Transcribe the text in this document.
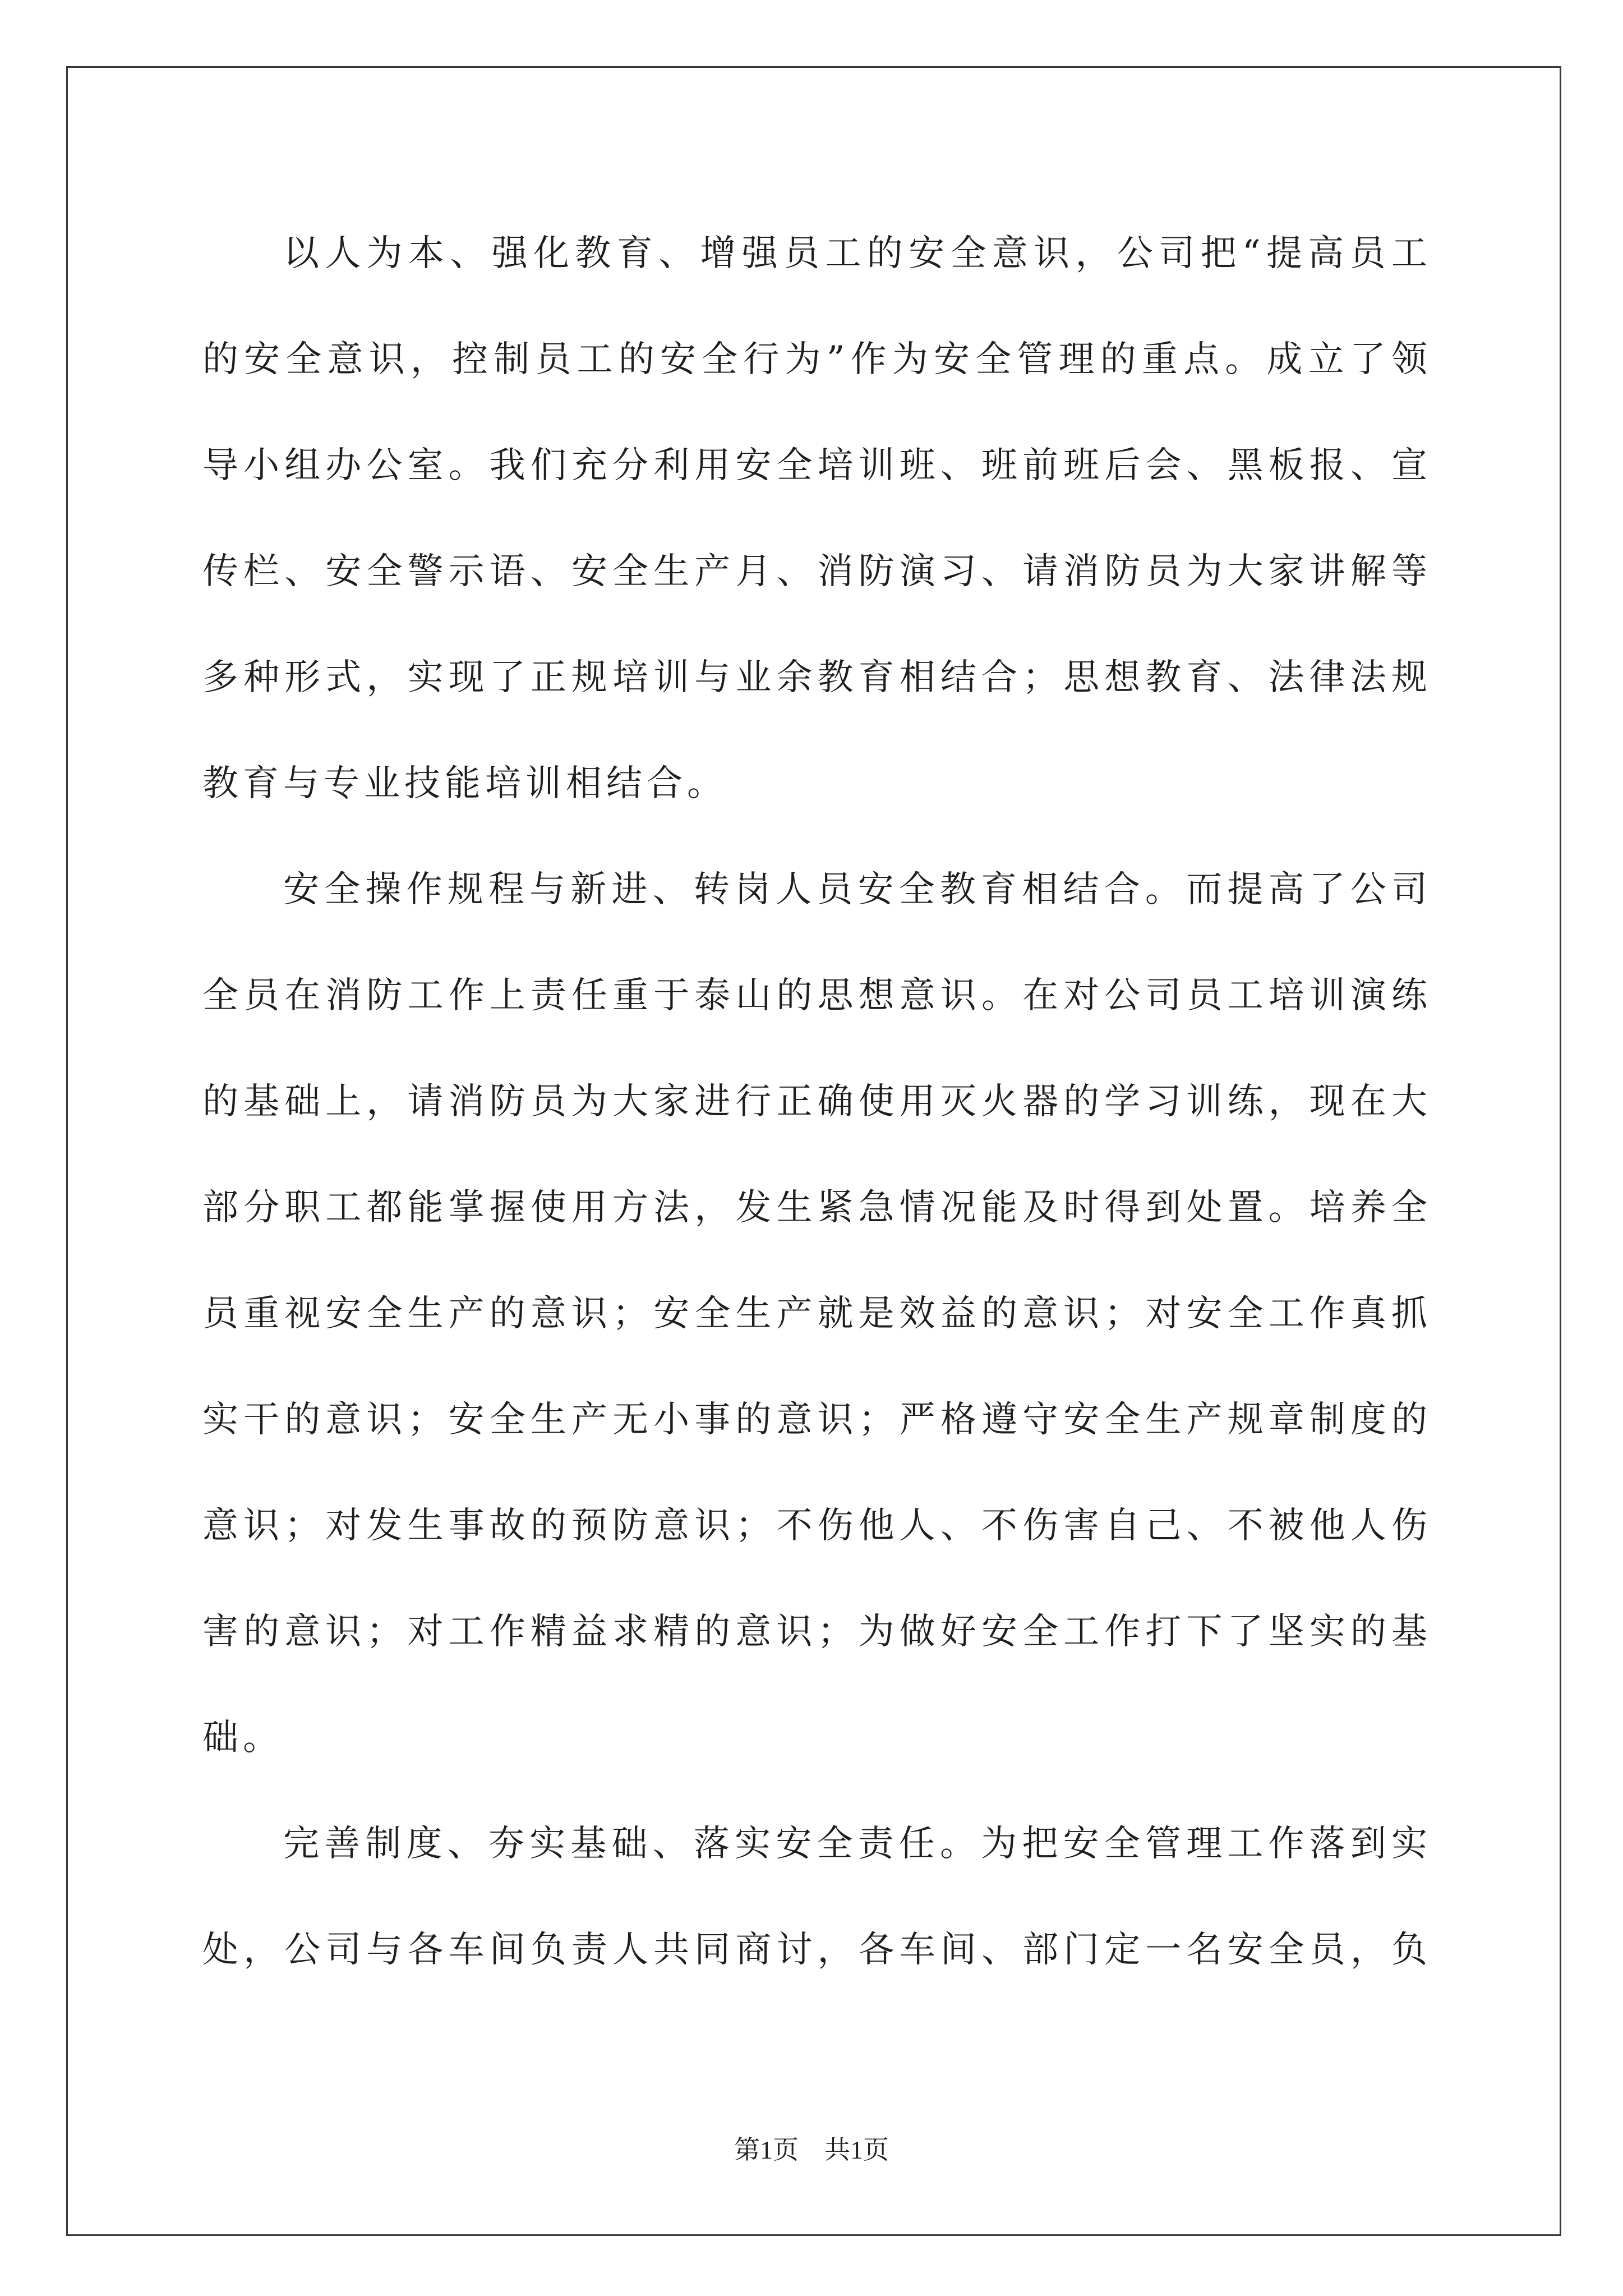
以人为本、强化教育、增强员工的安全意识，公司把“提高员工
的安全意识，控制员工的安全行为”作为安全管理的重点。成立了领
导小组办公室。我们充分利用安全培训班、班前班后会、黑板报、宣
传栏、安全警示语、安全生产月、消防演习、请消防员为大家讲解等
多种形式，实现了正规培训与业余教育相结合；思想教育、法律法规
教育与专业技能培训相结合。
安全操作规程与新进、转岗人员安全教育相结合。而提高了公司
全员在消防工作上责任重于泰山的思想意识。在对公司员工培训演练
的基础上，请消防员为大家进行正确使用灭火器的学习训练，现在大
部分职工都能掌握使用方法，发生紧急情况能及时得到处置。培养全
员重视安全生产的意识；安全生产就是效益的意识；对安全工作真抓
实干的意识；安全生产无小事的意识；严格遵守安全生产规章制度的
意识；对发生事故的预防意识；不伤他人、不伤害自己、不被他人伤
害的意识；对工作精益求精的意识；为做好安全工作打下了坚实的基
础。
完善制度、夯实基础、落实安全责任。为把安全管理工作落到实
处，公司与各车间负责人共同商讨，各车间、部门定一名安全员，负
第1页 共1页
